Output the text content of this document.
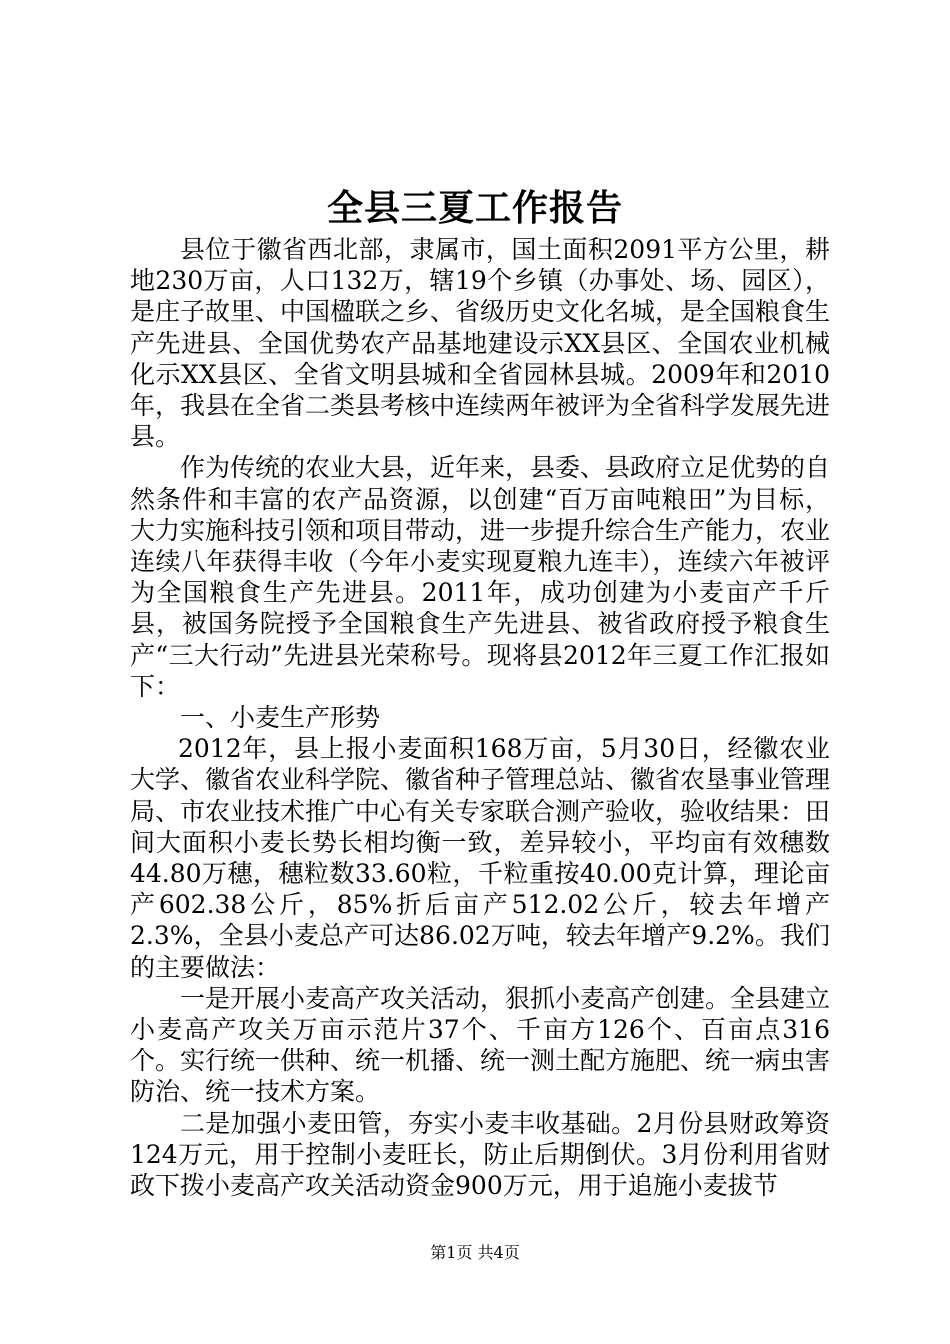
全县三夏工作报告

县位于徽省西北部，隶属市，国土面积2091平方公里，耕地230万亩，人口132万，辖19个乡镇（办事处、场、园区），是庄子故里、中国楹联之乡、省级历史文化名城，是全国粮食生产先进县、全国优势农产品基地建设示XX县区、全国农业机械化示XX县区、全省文明县城和全省园林县城。2009年和2010年，我县在全省二类县考核中连续两年被评为全省科学发展先进县。

作为传统的农业大县，近年来，县委、县政府立足优势的自然条件和丰富的农产品资源，以创建“百万亩吨粮田”为目标，大力实施科技引领和项目带动，进一步提升综合生产能力，农业连续八年获得丰收（今年小麦实现夏粮九连丰），连续六年被评为全国粮食生产先进县。2011年，成功创建为小麦亩产千斤县，被国务院授予全国粮食生产先进县、被省政府授予粮食生产“三大行动”先进县光荣称号。现将县2012年三夏工作汇报如下：

一、小麦生产形势

2012年，县上报小麦面积168万亩，5月30日，经徽农业大学、徽省农业科学院、徽省种子管理总站、徽省农垦事业管理局、市农业技术推广中心有关专家联合测产验收，验收结果：田间大面积小麦长势长相均衡一致，差异较小，平均亩有效穗数44.80万穗，穗粒数33.60粒，千粒重按40.00克计算，理论亩产602.38公斤，85%折后亩产512.02公斤，较去年增产2.3%，全县小麦总产可达86.02万吨，较去年增产9.2%。我们的主要做法：

一是开展小麦高产攻关活动，狠抓小麦高产创建。全县建立小麦高产攻关万亩示范片37个、千亩方126个、百亩点316个。实行统一供种、统一机播、统一测土配方施肥、统一病虫害防治、统一技术方案。

二是加强小麦田管，夯实小麦丰收基础。2月份县财政筹资124万元，用于控制小麦旺长，防止后期倒伏。3月份利用省财政下拨小麦高产攻关活动资金900万元，用于追施小麦拔节

第1页 共4页
